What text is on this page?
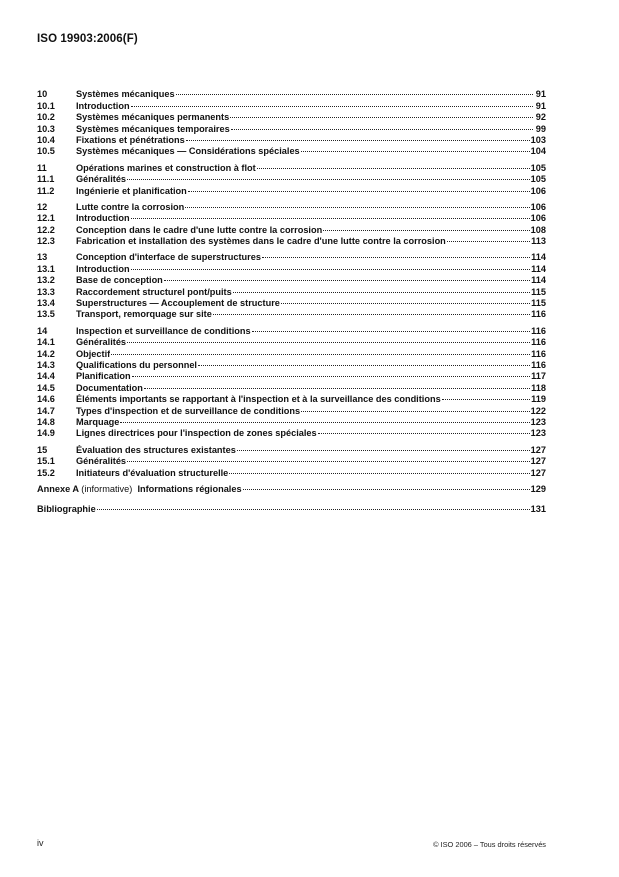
ISO 19903:2006(F)
10	Systèmes mécaniques	91
10.1	Introduction	91
10.2	Systèmes mécaniques permanents	92
10.3	Systèmes mécaniques temporaires	99
10.4	Fixations et pénétrations	103
10.5	Systèmes mécaniques — Considérations spéciales	104
11	Opérations marines et construction à flot	105
11.1	Généralités	105
11.2	Ingénierie et planification	106
12	Lutte contre la corrosion	106
12.1	Introduction	106
12.2	Conception dans le cadre d'une lutte contre la corrosion	108
12.3	Fabrication et installation des systèmes dans le cadre d'une lutte contre la corrosion	113
13	Conception d'interface de superstructures	114
13.1	Introduction	114
13.2	Base de conception	114
13.3	Raccordement structurel pont/puits	115
13.4	Superstructures — Accouplement de structure	115
13.5	Transport, remorquage sur site	116
14	Inspection et surveillance de conditions	116
14.1	Généralités	116
14.2	Objectif	116
14.3	Qualifications du personnel	116
14.4	Planification	117
14.5	Documentation	118
14.6	Éléments importants se rapportant à l'inspection et à la surveillance des conditions	119
14.7	Types d'inspection et de surveillance de conditions	122
14.8	Marquage	123
14.9	Lignes directrices pour l'inspection de zones spéciales	123
15	Évaluation des structures existantes	127
15.1	Généralités	127
15.2	Initiateurs d'évaluation structurelle	127
Annexe A (informative) Informations régionales	129
Bibliographie	131
iv	© ISO 2006 – Tous droits réservés
